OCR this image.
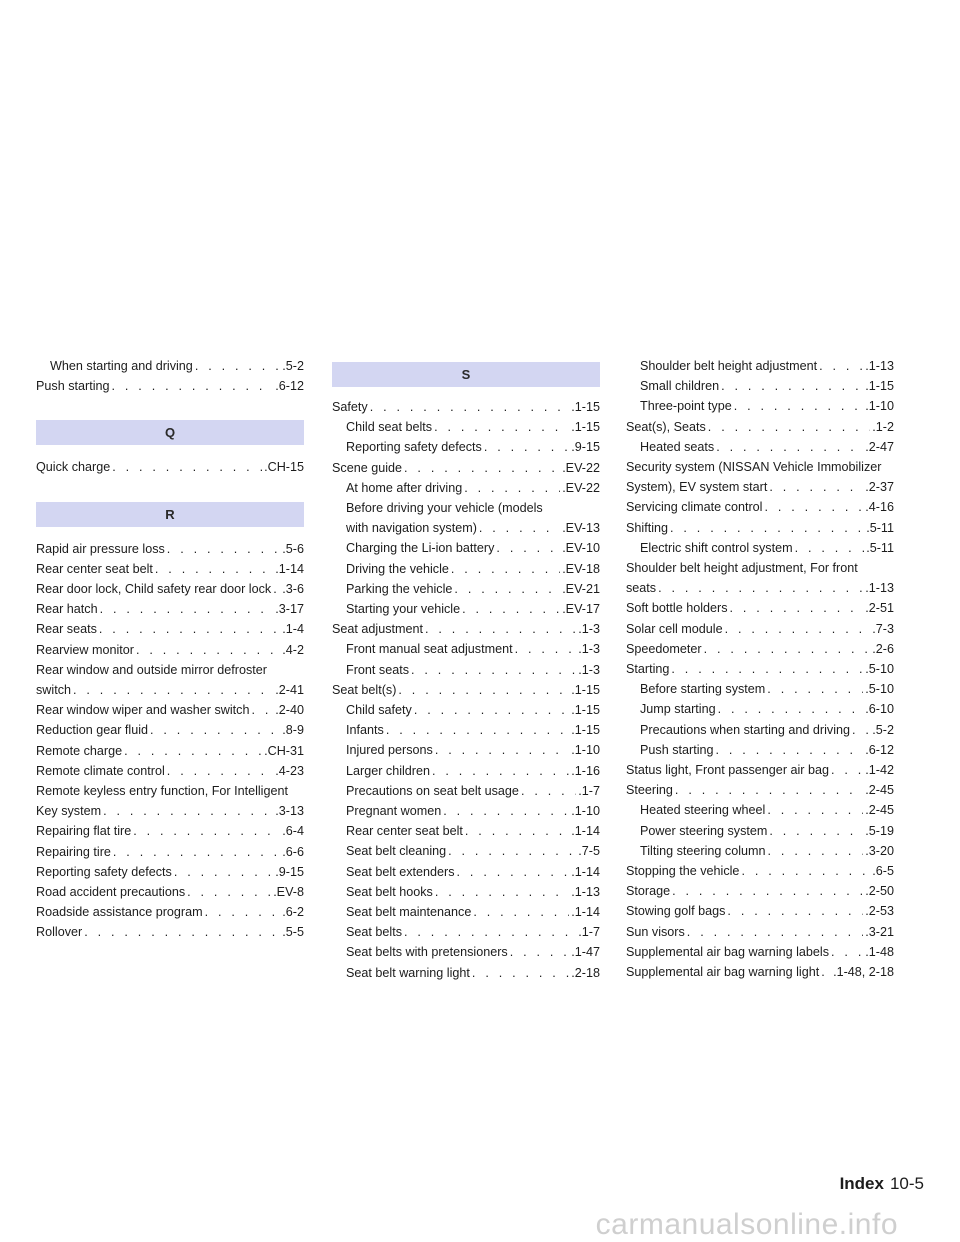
When starting and driving . . .	.5-2
Push starting . . .	.6-12
Q
Quick charge . . .	.CH-15
R
Rapid air pressure loss . . .	.5-6
Rear center seat belt . . .	.1-14
Rear door lock, Child safety rear door lock . . . .3-6
Rear hatch . . .	.3-17
Rear seats . . .	.1-4
Rearview monitor . . .	.4-2
Rear window and outside mirror defroster
switch . . .	.2-41
Rear window wiper and washer switch . . . .2-40
Reduction gear fluid . . .	.8-9
Remote charge . . .	.CH-31
Remote climate control . . .	.4-23
Remote keyless entry function, For Intelligent
Key system . . .	.3-13
Repairing flat tire . . .	.6-4
Repairing tire . . .	.6-6
Reporting safety defects . . .	.9-15
Road accident precautions . . .	.EV-8
Roadside assistance program . . .	.6-2
Rollover . . .	.5-5
S
Safety . . .	.1-15
Child seat belts . . .	.1-15
Reporting safety defects . . .	.9-15
Scene guide . . .	.EV-22
At home after driving . . .	.EV-22
Before driving your vehicle (models
with navigation system) . . .	.EV-13
Charging the Li-ion battery . . .	.EV-10
Driving the vehicle . . .	.EV-18
Parking the vehicle . . .	.EV-21
Starting your vehicle . . .	.EV-17
Seat adjustment . . .	.1-3
Front manual seat adjustment . . .	.1-3
Front seats . . .	.1-3
Seat belt(s) . . .	.1-15
Child safety . . .	.1-15
Infants . . .	.1-15
Injured persons . . .	.1-10
Larger children . . .	.1-16
Precautions on seat belt usage . . .	.1-7
Pregnant women . . .	.1-10
Rear center seat belt . . .	.1-14
Seat belt cleaning . . .	.7-5
Seat belt extenders . . .	.1-14
Seat belt hooks . . .	.1-13
Seat belt maintenance . . .	.1-14
Seat belts . . .	.1-7
Seat belts with pretensioners . . .	.1-47
Seat belt warning light . . .	.2-18
Shoulder belt height adjustment . . .	.1-13
Small children . . .	.1-15
Three-point type . . .	.1-10
Seat(s), Seats . . .	.1-2
Heated seats . . .	.2-47
Security system (NISSAN Vehicle Immobilizer
System), EV system start . . .	.2-37
Servicing climate control . . .	.4-16
Shifting . . .	.5-11
Electric shift control system . . .	.5-11
Shoulder belt height adjustment, For front
seats . . .	.1-13
Soft bottle holders . . .	.2-51
Solar cell module . . .	.7-3
Speedometer . . .	.2-6
Starting . . .	.5-10
Before starting system . . .	.5-10
Jump starting . . .	.6-10
Precautions when starting and driving . . . .5-2
Push starting . . .	.6-12
Status light, Front passenger air bag . . .	.1-42
Steering . . .	.2-45
Heated steering wheel . . .	.2-45
Power steering system . . .	.5-19
Tilting steering column . . .	.3-20
Stopping the vehicle . . .	.6-5
Storage . . .	.2-50
Stowing golf bags . . .	.2-53
Sun visors . . .	.3-21
Supplemental air bag warning labels . . .	.1-48
Supplemental air bag warning light . . . .1-48, 2-18
Index 10-5
carmanualsonline.info
